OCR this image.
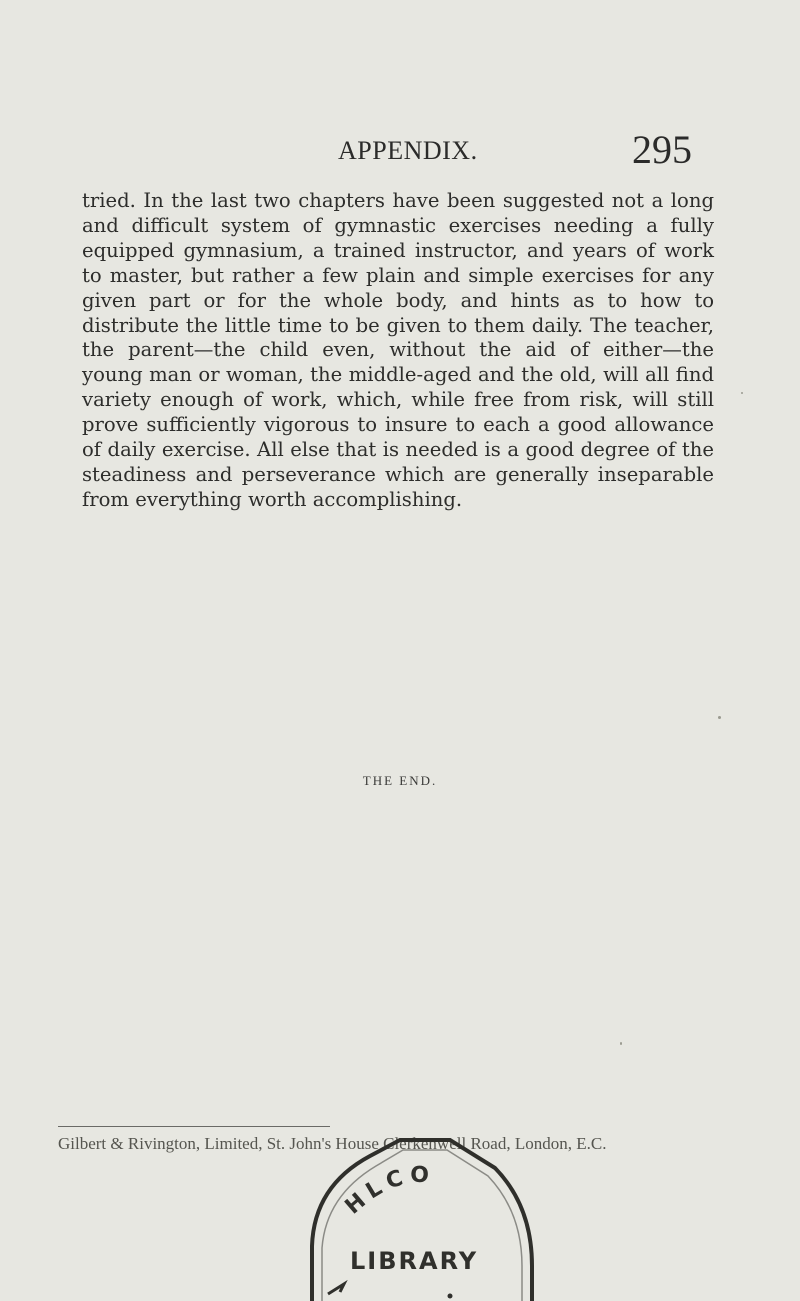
APPENDIX.	295

tried. In the last two chapters have been suggested not a long and difficult system of gymnastic exercises needing a fully equipped gymnasium, a trained instructor, and years of work to master, but rather a few plain and simple exercises for any given part or for the whole body, and hints as to how to distribute the little time to be given to them daily. The teacher, the parent—the child even, without the aid of either—the young man or woman, the middle-aged and the old, will all find variety enough of work, which, while free from risk, will still prove sufficiently vigorous to insure to each a good allowance of daily exercise. All else that is needed is a good degree of the steadiness and perseverance which are generally inseparable from everything worth accomplishing.

THE END.
Gilbert & Rivington, Limited, St. John's House Clerkenwell Road, London, E.C.
HLCO
LIBRARY
